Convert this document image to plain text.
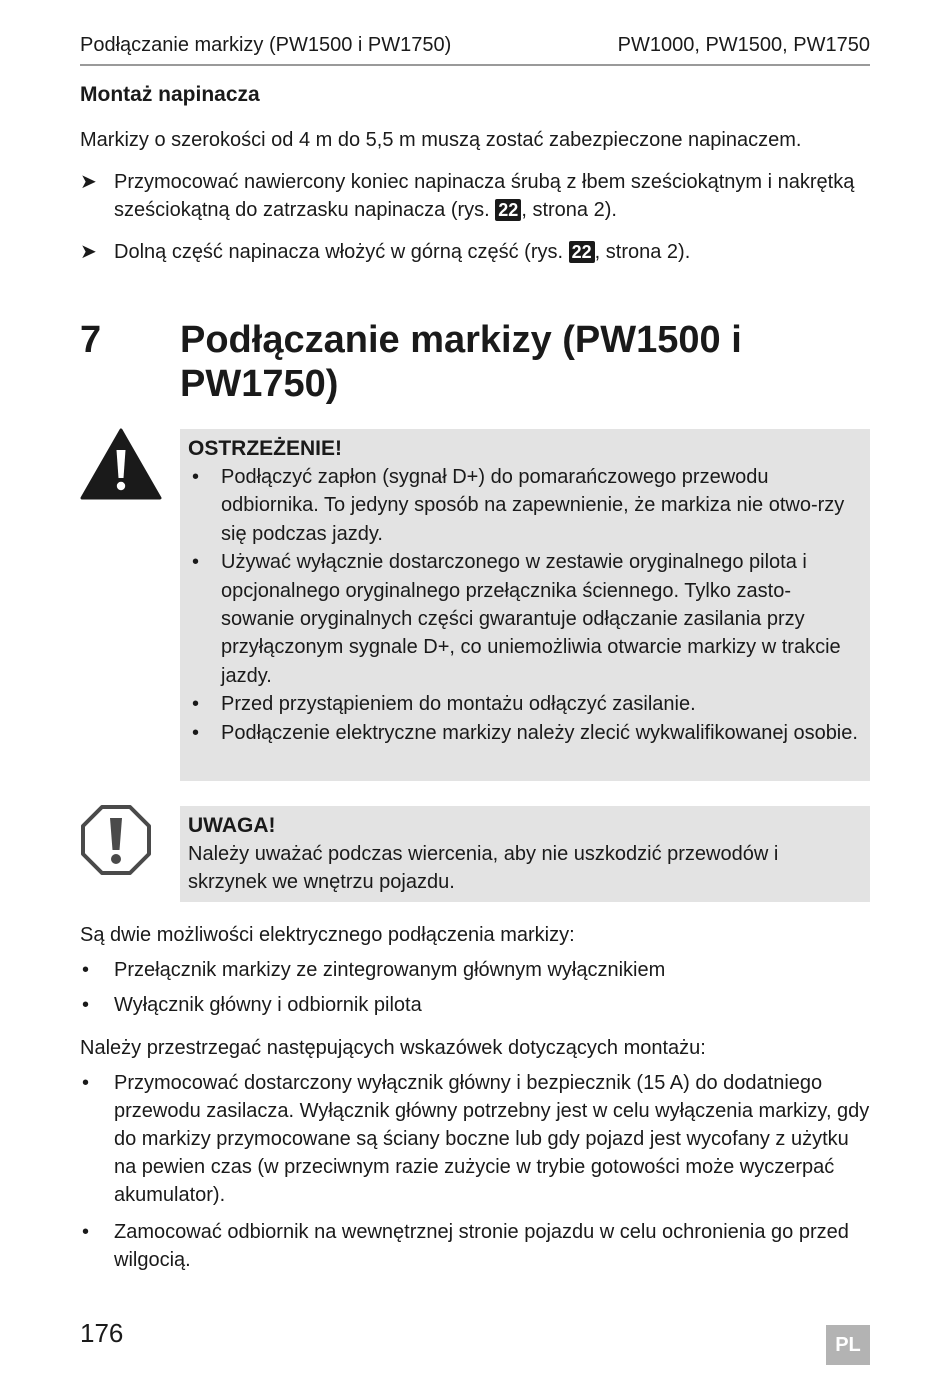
Podłączanie markizy (PW1500 i PW1750)	PW1000, PW1500, PW1750
Montaż napinacza
Markizy o szerokości od 4 m do 5,5 m muszą zostać zabezpieczone napinaczem.
➤ Przymocować nawiercony koniec napinacza śrubą z łbem sześciokątnym i nakrętką sześciokątną do zatrzasku napinacza (rys. 22 , strona 2).
➤ Dolną część napinacza włożyć w górną część (rys. 22 , strona 2).
7 Podłączanie markizy (PW1500 i PW1750)
OSTRZEŻENIE!
• Podłączyć zapłon (sygnał D+) do pomarańczowego przewodu odbiornika. To jedyny sposób na zapewnienie, że markiza nie otwo-rzy się podczas jazdy.
• Używać wyłącznie dostarczonego w zestawie oryginalnego pilota i opcjonalnego oryginalnego przełącznika ściennego. Tylko zasto-sowanie oryginalnych części gwarantuje odłączanie zasilania przy przyłączonym sygnale D+, co uniemożliwia otwarcie markizy w trakcie jazdy.
• Przed przystąpieniem do montażu odłączyć zasilanie.
• Podłączenie elektryczne markizy należy zlecić wykwalifikowanej osobie.
UWAGA!
Należy uważać podczas wiercenia, aby nie uszkodzić przewodów i skrzynek we wnętrzu pojazdu.
Są dwie możliwości elektrycznego podłączenia markizy:
• Przełącznik markizy ze zintegrowanym głównym wyłącznikiem
• Wyłącznik główny i odbiornik pilota
Należy przestrzegać następujących wskazówek dotyczących montażu:
• Przymocować dostarczony wyłącznik główny i bezpiecznik (15 A) do dodatniego przewodu zasilacza. Wyłącznik główny potrzebny jest w celu wyłączenia markizy, gdy do markizy przymocowane są ściany boczne lub gdy pojazd jest wycofany z użytku na pewien czas (w przeciwnym razie zużycie w trybie gotowości może wyczerpać akumulator).
• Zamocować odbiornik na wewnętrznej stronie pojazdu w celu ochronienia go przed wilgocią.
176	PL
